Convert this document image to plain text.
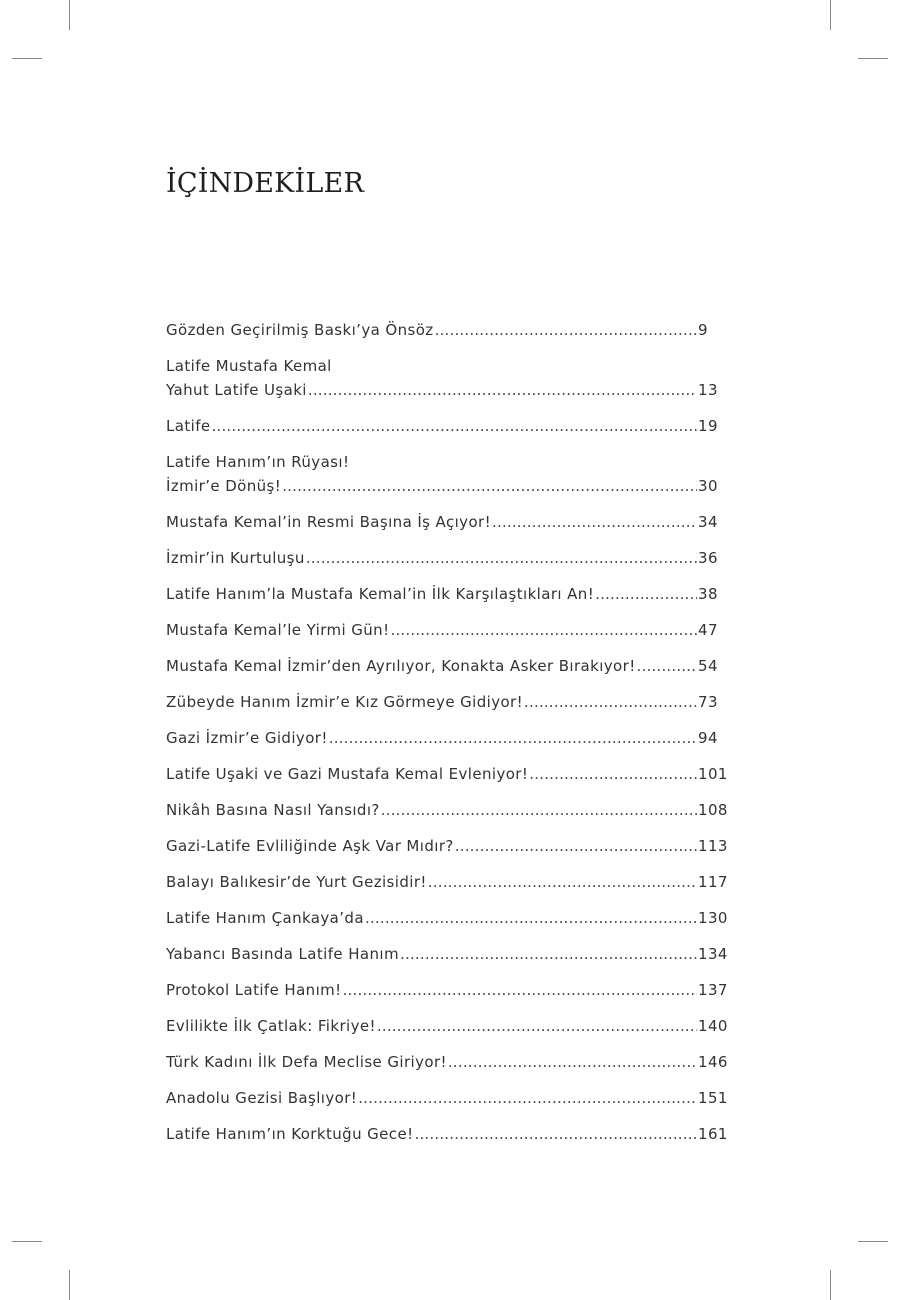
İÇİNDEKİLER
Gözden Geçirilmiş Baskı’ya Önsöz .....	9
Latife Mustafa Kemal
Yahut Latife Uşaki .....	13
Latife .....	19
Latife Hanım’ın Rüyası!
İzmir’e Dönüş! .....	30
Mustafa Kemal’in Resmi Başına İş Açıyor! .....	34
İzmir’in Kurtuluşu .....	36
Latife Hanım’la Mustafa Kemal’in İlk Karşılaştıkları An! .....	38
Mustafa Kemal’le Yirmi Gün! .....	47
Mustafa Kemal İzmir’den Ayrılıyor, Konakta Asker Bırakıyor! .....	54
Zübeyde Hanım İzmir’e Kız Görmeye Gidiyor! .....	73
Gazi İzmir’e Gidiyor! .....	94
Latife Uşaki ve Gazi Mustafa Kemal Evleniyor! .....	101
Nikâh Basına Nasıl Yansıdı? .....	108
Gazi-Latife Evliliğinde Aşk Var Mıdır? .....	113
Balayı Balıkesir’de Yurt Gezisidir! .....	117
Latife Hanım Çankaya’da .....	130
Yabancı Basında Latife Hanım .....	134
Protokol Latife Hanım! .....	137
Evlilikte İlk Çatlak: Fikriye! .....	140
Türk Kadını İlk Defa Meclise Giriyor! .....	146
Anadolu Gezisi Başlıyor! .....	151
Latife Hanım’ın Korktuğu Gece! .....	161
